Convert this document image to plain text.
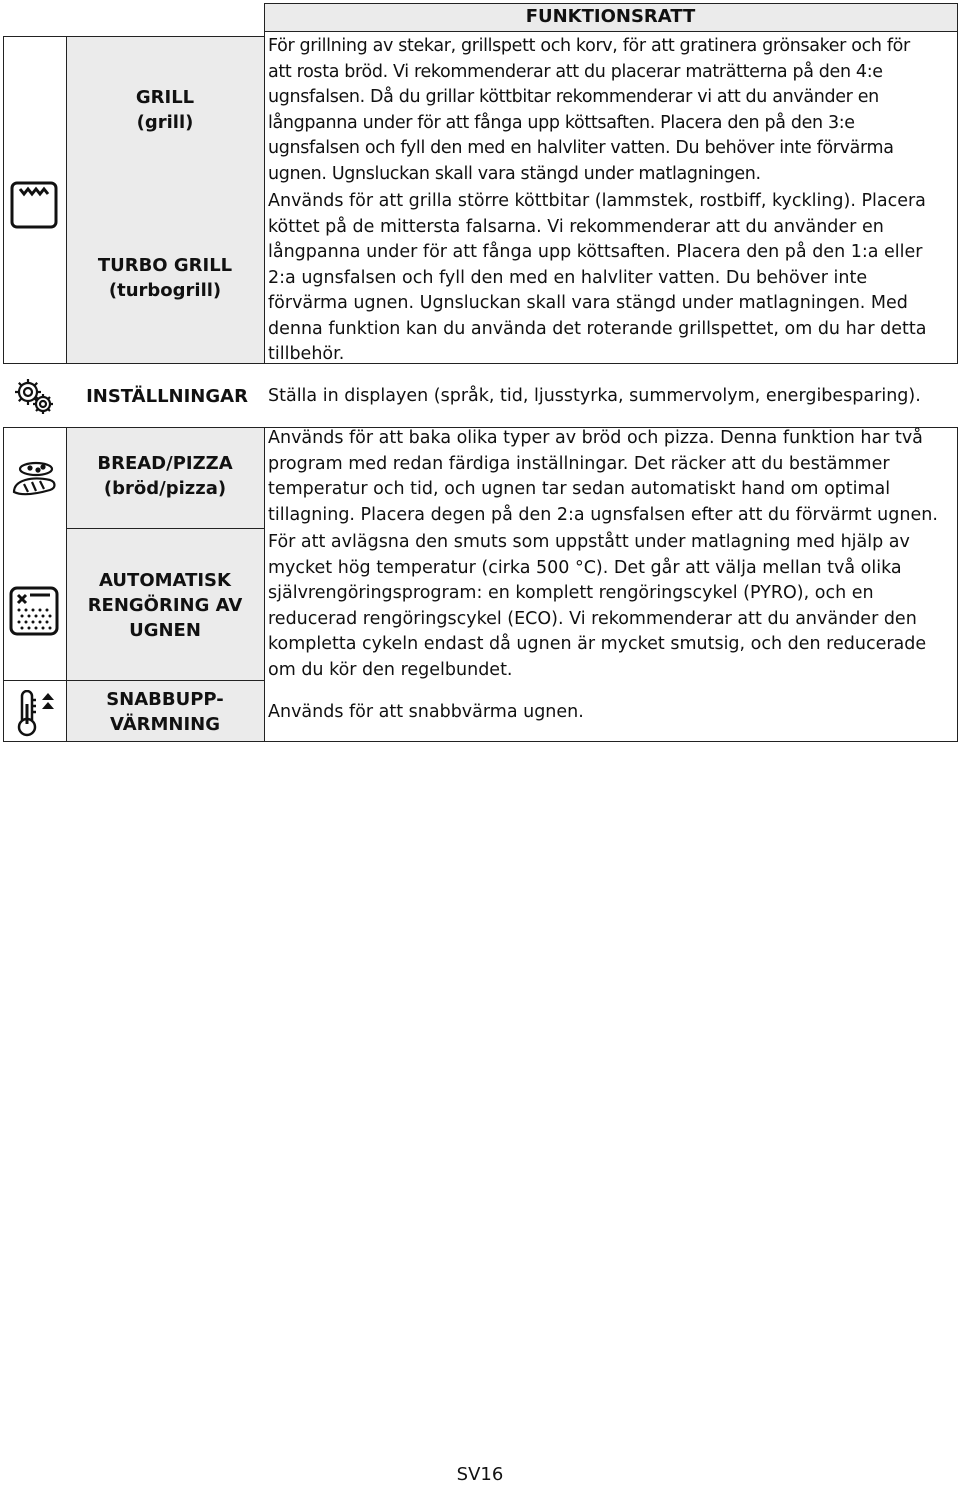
FUNKTIONSRATT
GRILL
(grill)
TURBO GRILL
(turbogrill)
INSTÄLLNINGAR
BREAD/PIZZA
(bröd/pizza)
AUTOMATISK
RENGÖRING AV
UGNEN
SNABBUPP-
VÄRMNING
För grillning av stekar, grillspett och korv, för att gratinera grönsaker och för
att rosta bröd. Vi rekommenderar att du placerar maträtterna på den 4:e
ugnsfalsen. Då du grillar köttbitar rekommenderar vi att du använder en
långpanna under för att fånga upp köttsaften. Placera den på den 3:e
ugnsfalsen och fyll den med en halvliter vatten. Du behöver inte förvärma
ugnen. Ugnsluckan skall vara stängd under matlagningen.
Används för att grilla större köttbitar (lammstek, rostbiff, kyckling). Placera
köttet på de mittersta falsarna. Vi rekommenderar att du använder en
långpanna under för att fånga upp köttsaften. Placera den på den 1:a eller
2:a ugnsfalsen och fyll den med en halvliter vatten. Du behöver inte
förvärma ugnen. Ugnsluckan skall vara stängd under matlagningen. Med
denna funktion kan du använda det roterande grillspettet, om du har detta
tillbehör.
Ställa in displayen (språk, tid, ljusstyrka, summervolym, energibesparing).
Används för att baka olika typer av bröd och pizza. Denna funktion har två
program med redan färdiga inställningar. Det räcker att du bestämmer
temperatur och tid, och ugnen tar sedan automatiskt hand om optimal
tillagning. Placera degen på den 2:a ugnsfalsen efter att du förvärmt ugnen.
För att avlägsna den smuts som uppstått under matlagning med hjälp av
mycket hög temperatur (cirka 500 °C). Det går att välja mellan två olika
självrengöringsprogram: en komplett rengöringscykel (PYRO), och en
reducerad rengöringscykel (ECO). Vi rekommenderar att du använder den
kompletta cykeln endast då ugnen är mycket smutsig, och den reducerade
om du kör den regelbundet.
Används för att snabbvärma ugnen.
SV16
